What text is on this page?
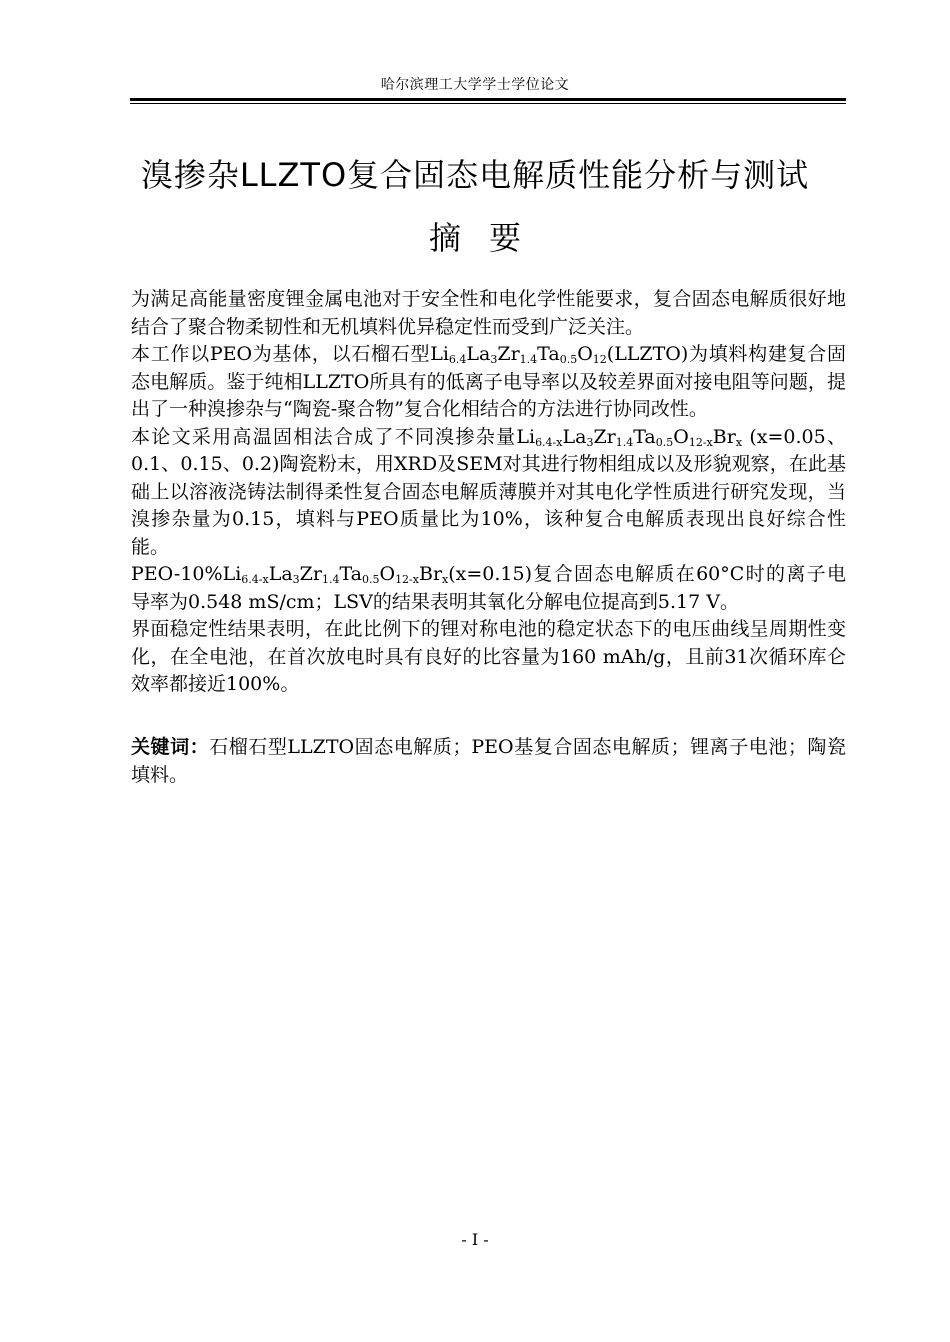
哈尔滨理工大学学士学位论文
溴掺杂LLZTO复合固态电解质性能分析与测试
摘要

为满足高能量密度锂金属电池对于安全性和电化学性能要求，复合固态电解质很好地结合了聚合物柔韧性和无机填料优异稳定性而受到广泛关注。

本工作以PEO为基体，以石榴石型$Li_{6.4}La_3Zr_{1.4}Ta_{0.5}O_{12}(LLZTO)$为填料构建复合固态电解质。鉴于纯相LLZTO所具有的低离子电导率以及较差界面对接电阻等问题，提出了一种溴掺杂与“陶瓷-聚合物”复合化相结合的方法进行协同改性。

本论文采用高温固相法合成了不同溴掺杂量$Li_{6.4-x}La_3Zr_{1.4}Ta_{0.5}O_{12-x}Br_x$ (x=0.05、0.1、0.15、0.2)陶瓷粉末，用XRD及SEM对其进行物相组成以及形貌观察，在此基础上以溶液浇铸法制得柔性复合固态电解质薄膜并对其电化学性质进行研究发现，当溴掺杂量为0.15，填料与PEO质量比为10%，该种复合电解质表现出良好综合性能。

PEO-$10\%Li_{6.4-x}La_3Zr_{1.4}Ta_{0.5}O_{12-x}Br_x(x=0.15)$复合固态电解质在60°C时的离子电导率为0.548 mS/cm；LSV的结果表明其氧化分解电位提高到5.17 V。

界面稳定性结果表明，在此比例下的锂对称电池的稳定状态下的电压曲线呈周期性变化，在全电池，在首次放电时具有良好的比容量为160 mAh/g，且前31次循环库仑效率都接近100%。

关键词：石榴石型LLZTO固态电解质；PEO基复合固态电解质；锂离子电池；陶瓷填料。
- I -
